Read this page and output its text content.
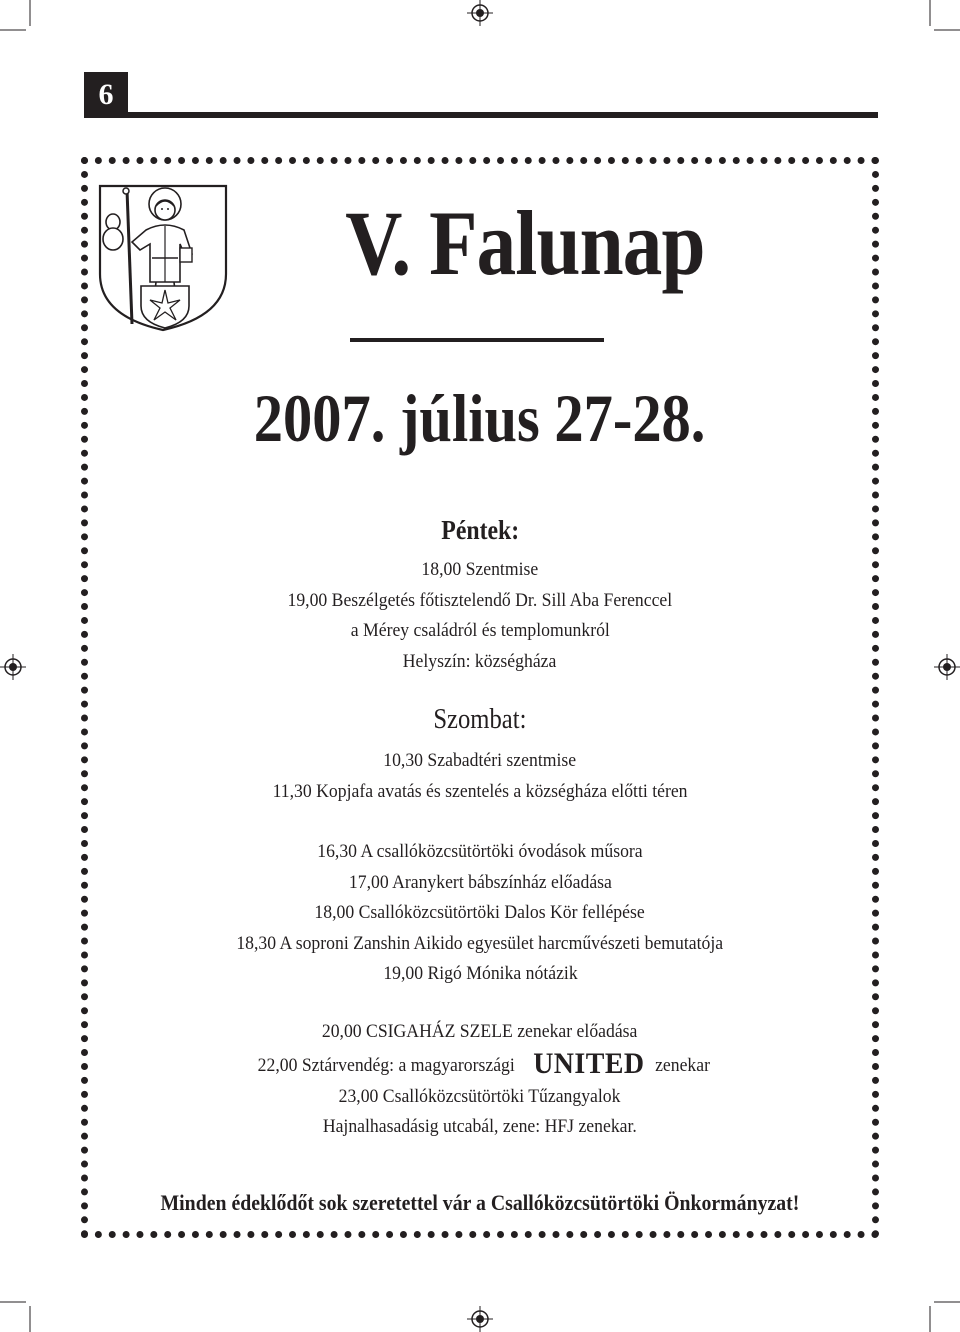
6
V. Falunap
2007. július 27-28.
Péntek:
18,00 Szentmise
19,00 Beszélgetés főtisztelendő Dr. Sill Aba Ferenccel
a Mérey családról és templomunkról
Helyszín: községháza
Szombat:
10,30 Szabadtéri szentmise
11,30 Kopjafa avatás és szentelés a községháza előtti téren
16,30 A csallóközcsütörtöki óvodások műsora
17,00 Aranykert bábszínház előadása
18,00 Csallóközcsütörtöki Dalos Kör fellépése
18,30 A soproni Zanshin Aikido egyesület harcművészeti bemutatója
19,00 Rigó Mónika nótázik
20,00 CSIGAHÁZ SZELE zenekar előadása
22,00 Sztárvendég: a magyarországi UNITED zenekar
23,00 Csallóközcsütörtöki Tűzangyalok
Hajnalhasadásig utcabál, zene: HFJ zenekar.
Minden édeklődőt sok szeretettel vár a Csallóközcsütörtöki Önkormányzat!
